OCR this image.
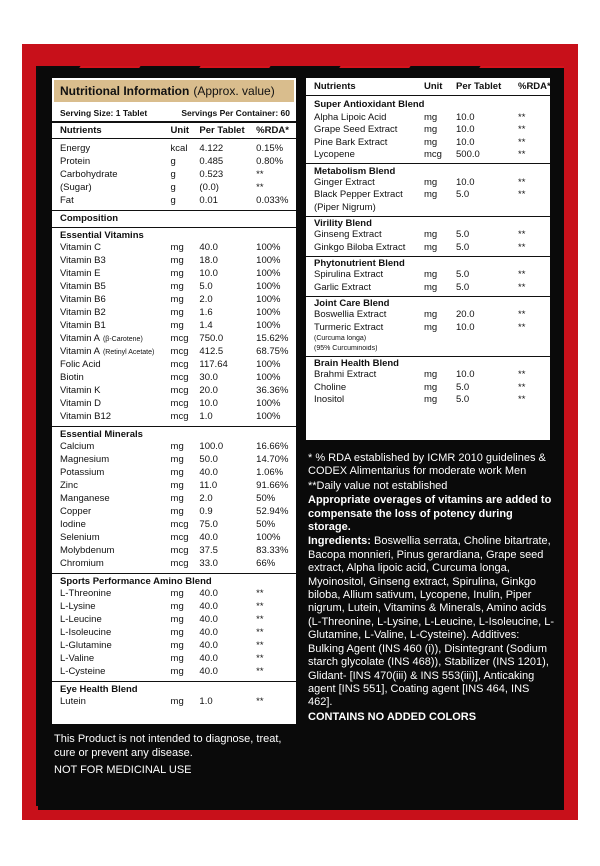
Nutritional Information (Approx. value)
Serving Size: 1 Tablet	Servings Per Container: 60
Nutrients	Unit	Per Tablet	%RDA*
Energy	kcal	4.122	0.15%
Protein	g	0.485	0.80%
Carbohydrate	g	0.523	**
(Sugar)	g	(0.0)	**
Fat	g	0.01	0.033%
Composition
Essential Vitamins
Vitamin C	mg	40.0	100%
Vitamin B3	mg	18.0	100%
Vitamin E	mg	10.0	100%
Vitamin B5	mg	5.0	100%
Vitamin B6	mg	2.0	100%
Vitamin B2	mg	1.6	100%
Vitamin B1	mg	1.4	100%
Vitamin A (β-Carotene)	mcg	750.0	15.62%
Vitamin A (Retinyl Acetate)	mcg	412.5	68.75%
Folic Acid	mcg	117.64	100%
Biotin	mcg	30.0	100%
Vitamin K	mcg	20.0	36.36%
Vitamin D	mcg	10.0	100%
Vitamin B12	mcg	1.0	100%
Essential Minerals
Calcium	mg	100.0	16.66%
Magnesium	mg	50.0	14.70%
Potassium	mg	40.0	1.06%
Zinc	mg	11.0	91.66%
Manganese	mg	2.0	50%
Copper	mg	0.9	52.94%
Iodine	mcg	75.0	50%
Selenium	mcg	40.0	100%
Molybdenum	mcg	37.5	83.33%
Chromium	mcg	33.0	66%
Sports Performance Amino Blend
L-Threonine	mg	40.0	**
L-Lysine	mg	40.0	**
L-Leucine	mg	40.0	**
L-Isoleucine	mg	40.0	**
L-Glutamine	mg	40.0	**
L-Valine	mg	40.0	**
L-Cysteine	mg	40.0	**
Eye Health Blend
Lutein	mg	1.0	**
Nutrients	Unit	Per Tablet	%RDA*
Super Antioxidant Blend
Alpha Lipoic Acid	mg	10.0	**
Grape Seed Extract	mg	10.0	**
Pine Bark Extract	mg	10.0	**
Lycopene	mcg	500.0	**
Metabolism Blend
Ginger Extract	mg	10.0	**
Black Pepper Extract	mg	5.0	**
(Piper Nigrum)
Virility Blend
Ginseng Extract	mg	5.0	**
Ginkgo Biloba Extract	mg	5.0	**
Phytonutrient Blend
Spirulina Extract	mg	5.0	**
Garlic Extract	mg	5.0	**
Joint Care Blend
Boswellia Extract	mg	20.0	**
Turmeric Extract	mg	10.0	**
(Curcuma longa)
(95% Curcuminoids)
Brain Health Blend
Brahmi Extract	mg	10.0	**
Choline	mg	5.0	**
Inositol	mg	5.0	**

* % RDA established by ICMR 2010 guidelines & CODEX Alimentarius for moderate work Men

**Daily value not established

Appropriate overages of vitamins are added to compensate the loss of potency during storage.

Ingredients: Boswellia serrata, Choline bitartrate, Bacopa monnieri, Pinus gerardiana, Grape seed extract, Alpha lipoic acid, Curcuma longa, Myoinositol, Ginseng extract, Spirulina, Ginkgo biloba, Allium sativum, Lycopene, Inulin, Piper nigrum, Lutein, Vitamins & Minerals, Amino acids (L-Threonine, L-Lysine, L-Leucine, L-Isoleucine, L-Glutamine, L-Valine, L-Cysteine). Additives: Bulking Agent (INS 460 (i)), Disintegrant (Sodium starch glycolate (INS 468)), Stabilizer (INS 1201), Glidant- [INS 470(iii) & INS 553(iii)], Anticaking agent [INS 551], Coating agent [INS 464, INS 462].

CONTAINS NO ADDED COLORS

This Product is not intended to diagnose, treat, cure or prevent any disease.
NOT FOR MEDICINAL USE
